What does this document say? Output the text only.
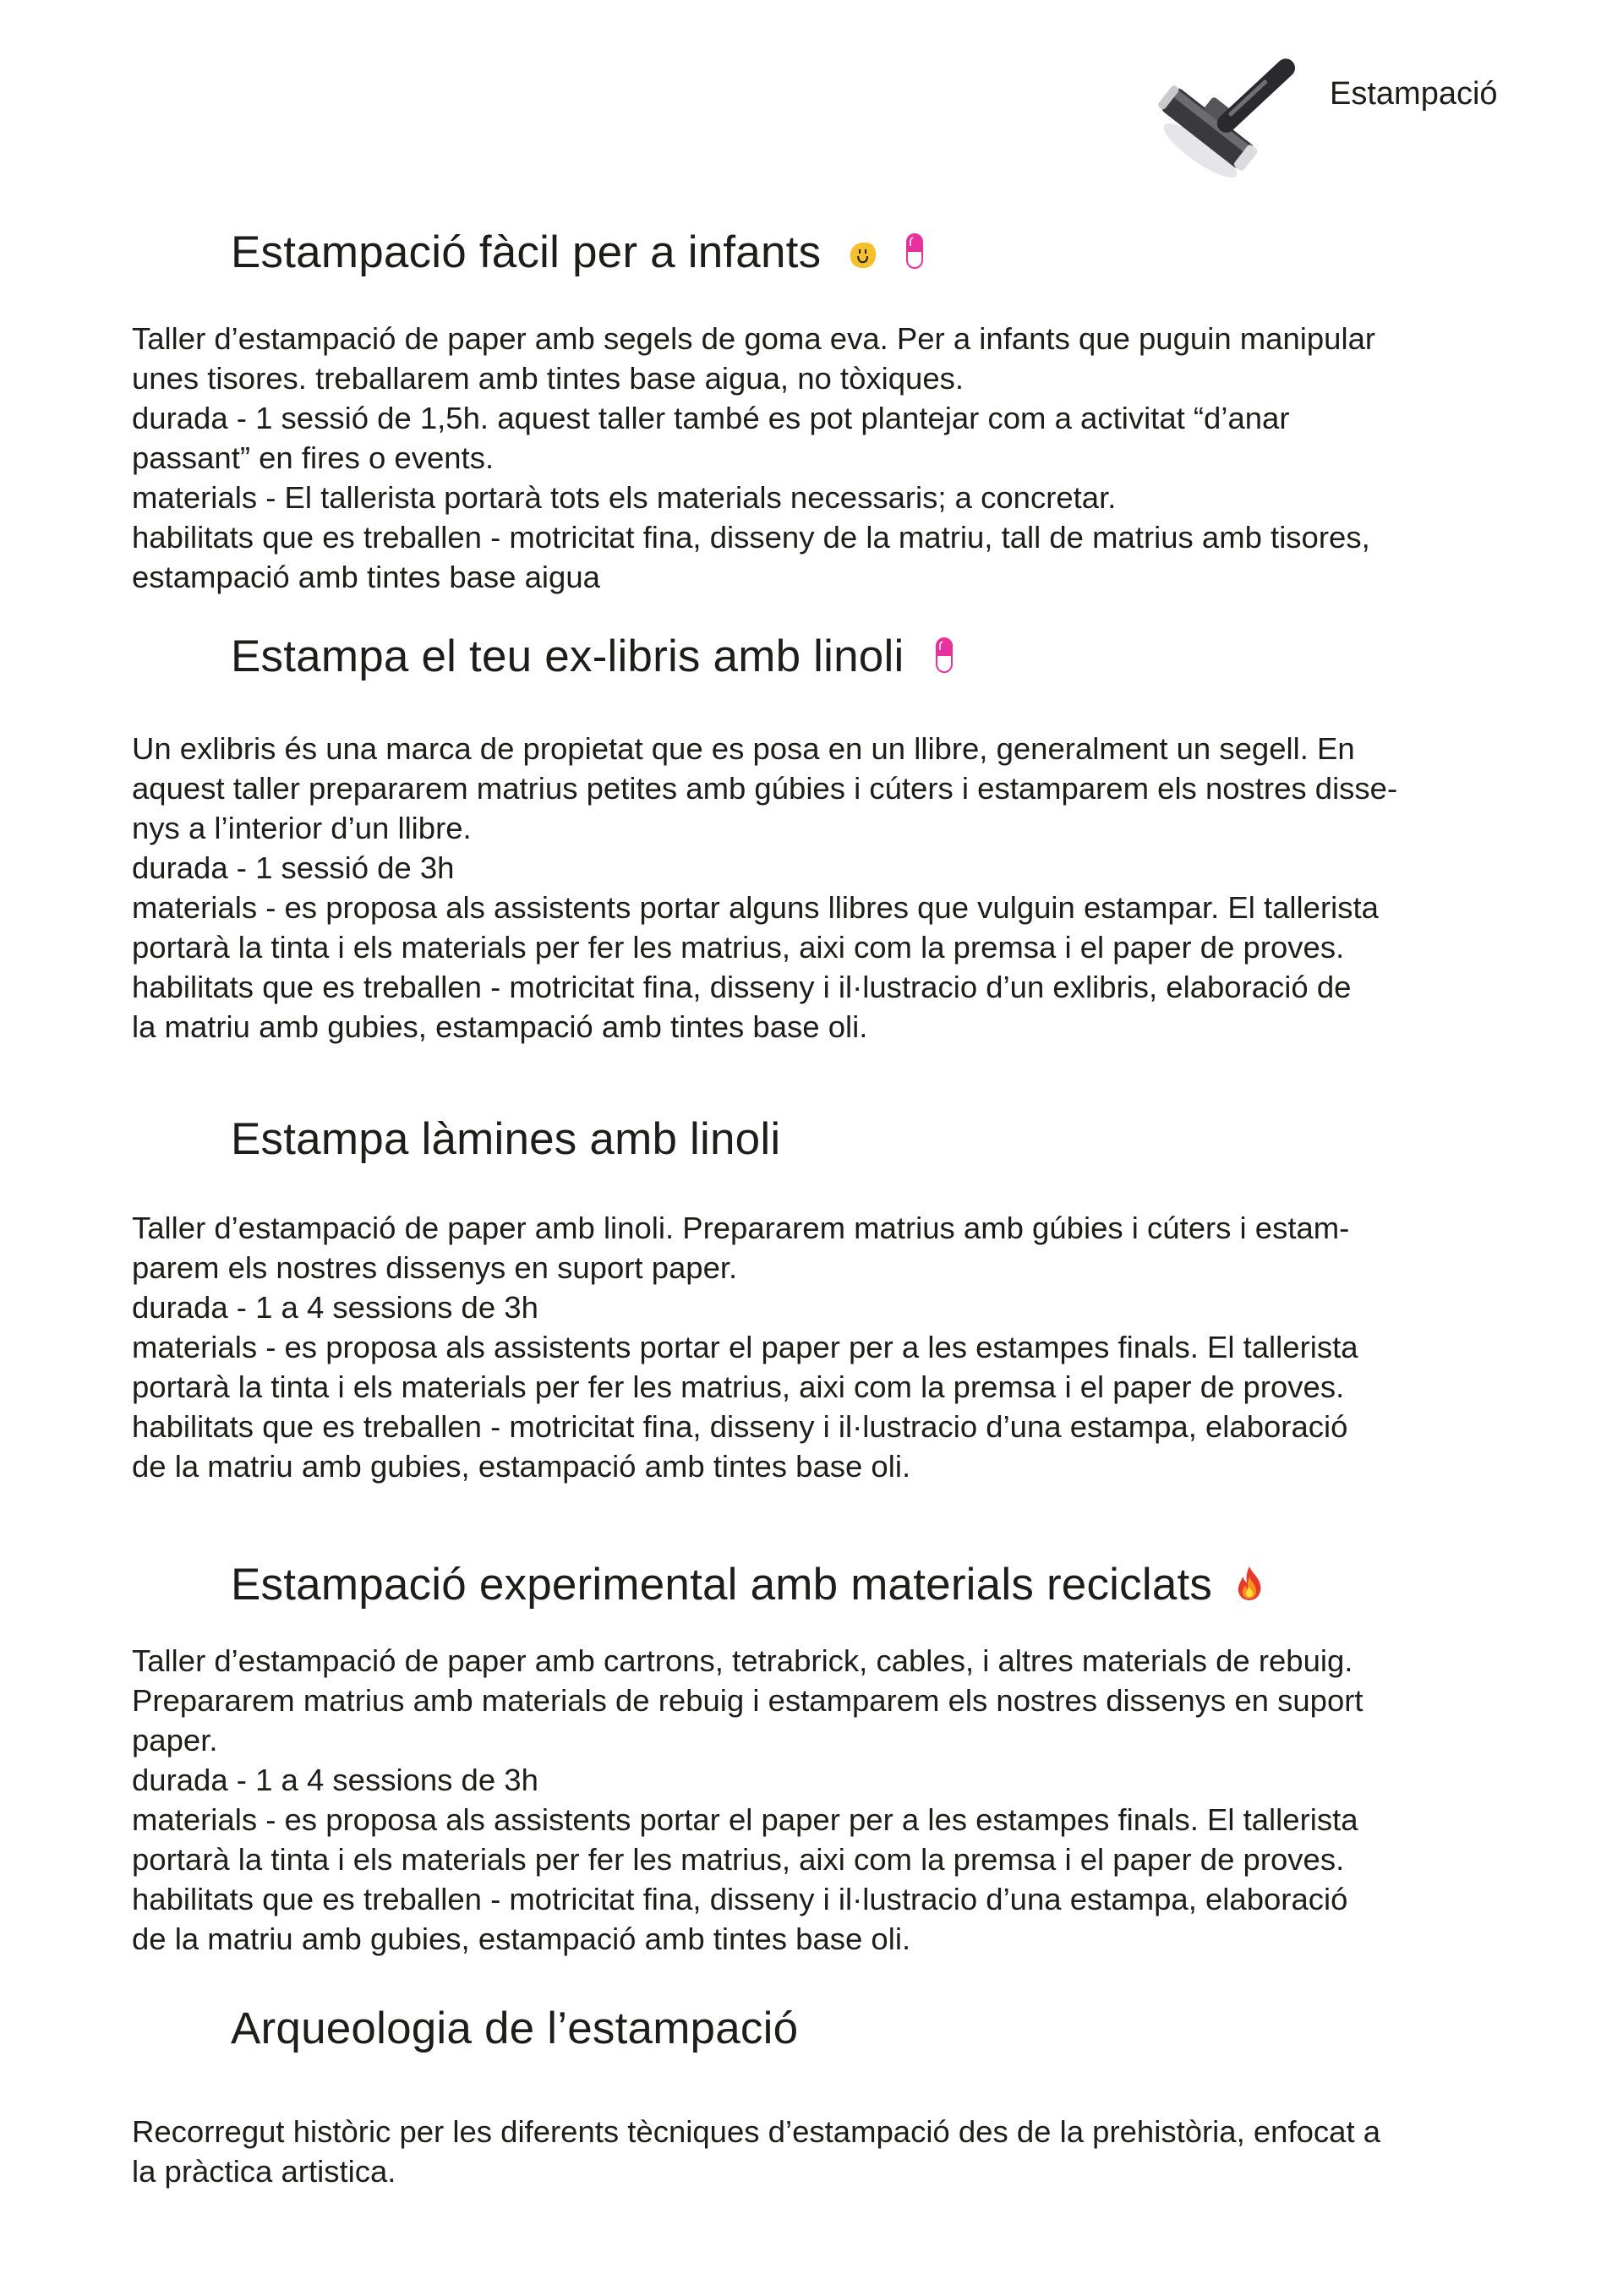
Estampació
Estampació fàcil per a infants

Taller d’estampació de paper amb segels de goma eva. Per a infants que puguin manipular

unes tisores. treballarem amb tintes base aigua, no tòxiques.

durada - 1 sessió de 1,5h. aquest taller també es pot plantejar com a activitat “d’anar

passant” en fires o events.

materials - El tallerista portarà tots els materials necessaris; a concretar.

habilitats que es treballen - motricitat fina, disseny de la matriu, tall de matrius amb tisores,

estampació amb tintes base aigua

Estampa el teu ex-libris amb linoli

Un exlibris és una marca de propietat que es posa en un llibre, generalment un segell. En

aquest taller prepararem matrius petites amb gúbies i cúters i estamparem els nostres disse-

nys a l’interior d’un llibre.

durada - 1 sessió de 3h

materials - es proposa als assistents portar alguns llibres que vulguin estampar. El tallerista

portarà la tinta i els materials per fer les matrius, aixi com la premsa i el paper de proves.

habilitats que es treballen - motricitat fina, disseny i il·lustracio d’un exlibris, elaboració de

la matriu amb gubies, estampació amb tintes base oli.

Estampa làmines amb linoli

Taller d’estampació de paper amb linoli. Prepararem matrius amb gúbies i cúters i estam-

parem els nostres dissenys en suport paper.

durada - 1 a 4 sessions de 3h

materials - es proposa als assistents portar el paper per a les estampes finals. El tallerista

portarà la tinta i els materials per fer les matrius, aixi com la premsa i el paper de proves.

habilitats que es treballen - motricitat fina, disseny i il·lustracio d’una estampa, elaboració

de la matriu amb gubies, estampació amb tintes base oli.

Estampació experimental amb materials reciclats

Taller d’estampació de paper amb cartrons, tetrabrick, cables, i altres materials de rebuig.

Prepararem matrius amb materials de rebuig i estamparem els nostres dissenys en suport

paper.

durada - 1 a 4 sessions de 3h

materials - es proposa als assistents portar el paper per a les estampes finals. El tallerista

portarà la tinta i els materials per fer les matrius, aixi com la premsa i el paper de proves.

habilitats que es treballen - motricitat fina, disseny i il·lustracio d’una estampa, elaboració

de la matriu amb gubies, estampació amb tintes base oli.

Arqueologia de l’estampació

Recorregut històric per les diferents tècniques d’estampació des de la prehistòria, enfocat a

la pràctica artistica.
